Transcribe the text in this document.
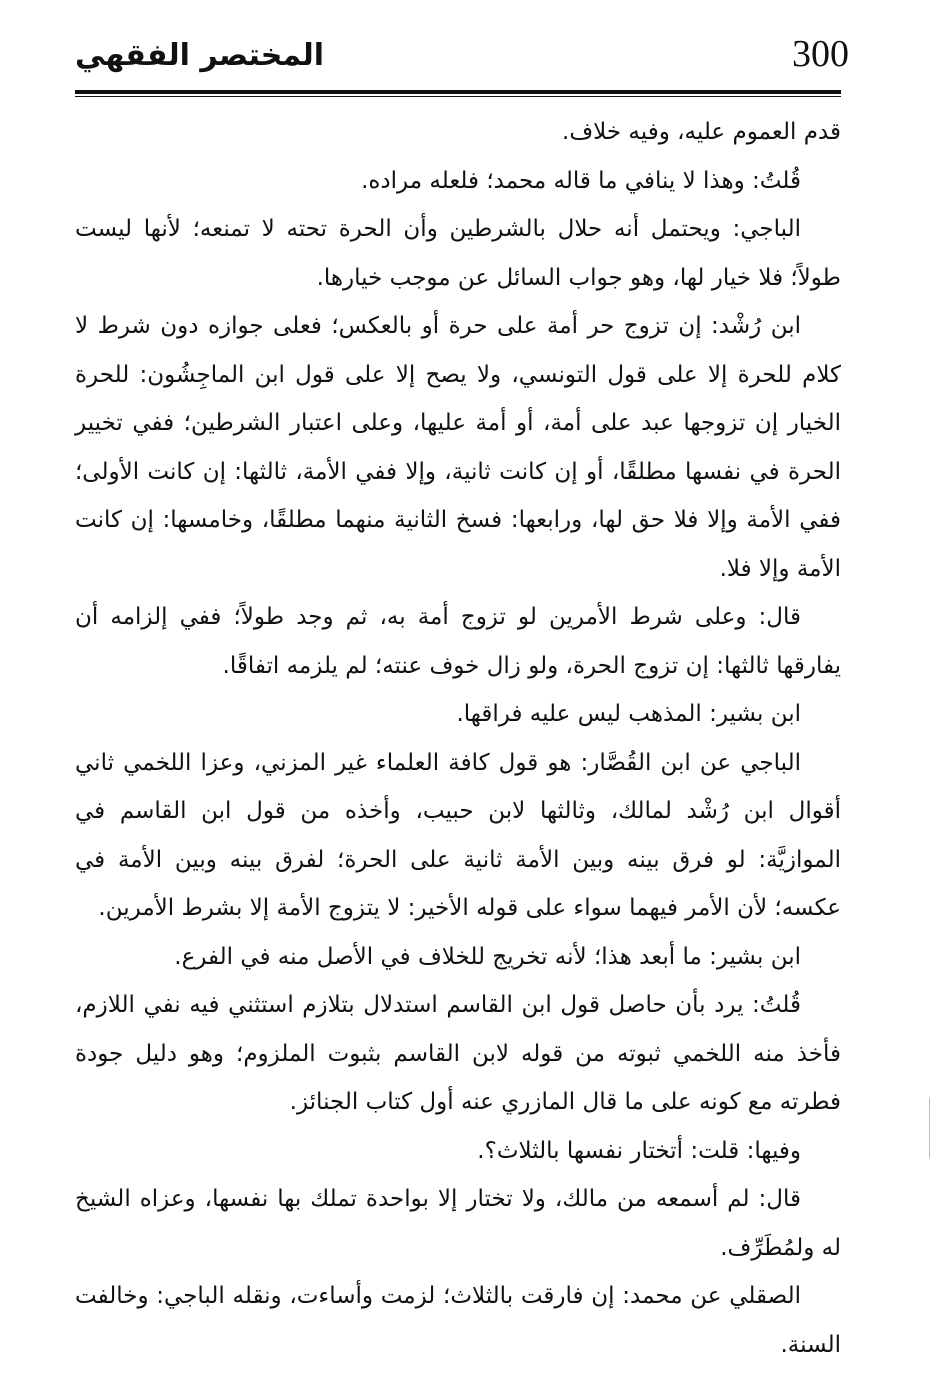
300
المختصر الفقهي

قدم العموم عليه، وفيه خلاف.

قُلتُ: وهذا لا ينافي ما قاله محمد؛ فلعله مراده.

الباجي: ويحتمل أنه حلال بالشرطين وأن الحرة تحته لا تمنعه؛ لأنها ليست طولاً؛ فلا خيار لها، وهو جواب السائل عن موجب خيارها.

ابن رُشْد: إن تزوج حر أمة على حرة أو بالعكس؛ فعلى جوازه دون شرط لا كلام للحرة إلا على قول التونسي، ولا يصح إلا على قول ابن الماجِشُون: للحرة الخيار إن تزوجها عبد على أمة، أو أمة عليها، وعلى اعتبار الشرطين؛ ففي تخيير الحرة في نفسها مطلقًا، أو إن كانت ثانية، وإلا ففي الأمة، ثالثها: إن كانت الأولى؛ ففي الأمة وإلا فلا حق لها، ورابعها: فسخ الثانية منهما مطلقًا، وخامسها: إن كانت الأمة وإلا فلا.

قال: وعلى شرط الأمرين لو تزوج أمة به، ثم وجد طولاً؛ ففي إلزامه أن يفارقها ثالثها: إن تزوج الحرة، ولو زال خوف عنته؛ لم يلزمه اتفاقًا.

ابن بشير: المذهب ليس عليه فراقها.

الباجي عن ابن القُصَّار: هو قول كافة العلماء غير المزني، وعزا اللخمي ثاني أقوال ابن رُشْد لمالك، وثالثها لابن حبيب، وأخذه من قول ابن القاسم في الموازيَّة: لو فرق بينه وبين الأمة ثانية على الحرة؛ لفرق بينه وبين الأمة في عكسه؛ لأن الأمر فيهما سواء على قوله الأخير: لا يتزوج الأمة إلا بشرط الأمرين.

ابن بشير: ما أبعد هذا؛ لأنه تخريج للخلاف في الأصل منه في الفرع.

قُلتُ: يرد بأن حاصل قول ابن القاسم استدلال بتلازم استثني فيه نفي اللازم، فأخذ منه اللخمي ثبوته من قوله لابن القاسم بثبوت الملزوم؛ وهو دليل جودة فطرته مع كونه على ما قال المازري عنه أول كتاب الجنائز.

وفيها: قلت: أتختار نفسها بالثلاث؟.

قال: لم أسمعه من مالك، ولا تختار إلا بواحدة تملك بها نفسها، وعزاه الشيخ له ولمُطَرِّف.

الصقلي عن محمد: إن فارقت بالثلاث؛ لزمت وأساءت، ونقله الباجي: وخالفت السنة.
